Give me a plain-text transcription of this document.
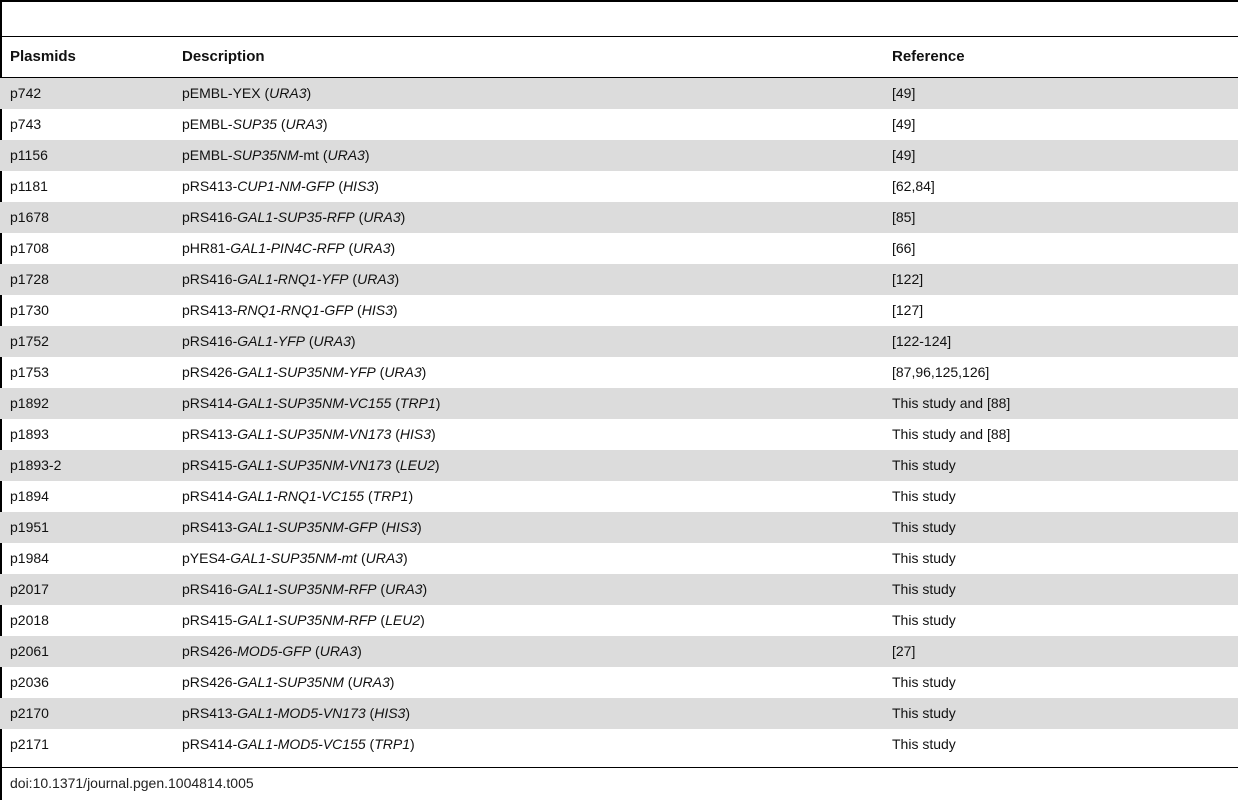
Plasmids	Description	Reference
p742	pEMBL-YEX (URA3)	[49]
p743	pEMBL-SUP35 (URA3)	[49]
p1156	pEMBL-SUP35NM-mt (URA3)	[49]
p1181	pRS413-CUP1-NM-GFP (HIS3)	[62,84]
p1678	pRS416-GAL1-SUP35-RFP (URA3)	[85]
p1708	pHR81-GAL1-PIN4C-RFP (URA3)	[66]
p1728	pRS416-GAL1-RNQ1-YFP (URA3)	[122]
p1730	pRS413-RNQ1-RNQ1-GFP (HIS3)	[127]
p1752	pRS416-GAL1-YFP (URA3)	[122-124]
p1753	pRS426-GAL1-SUP35NM-YFP (URA3)	[87,96,125,126]
p1892	pRS414-GAL1-SUP35NM-VC155 (TRP1)	This study and [88]
p1893	pRS413-GAL1-SUP35NM-VN173 (HIS3)	This study and [88]
p1893-2	pRS415-GAL1-SUP35NM-VN173 (LEU2)	This study
p1894	pRS414-GAL1-RNQ1-VC155 (TRP1)	This study
p1951	pRS413-GAL1-SUP35NM-GFP (HIS3)	This study
p1984	pYES4-GAL1-SUP35NM-mt (URA3)	This study
p2017	pRS416-GAL1-SUP35NM-RFP (URA3)	This study
p2018	pRS415-GAL1-SUP35NM-RFP (LEU2)	This study
p2061	pRS426-MOD5-GFP (URA3)	[27]
p2036	pRS426-GAL1-SUP35NM (URA3)	This study
p2170	pRS413-GAL1-MOD5-VN173 (HIS3)	This study
p2171	pRS414-GAL1-MOD5-VC155 (TRP1)	This study
doi:10.1371/journal.pgen.1004814.t005
